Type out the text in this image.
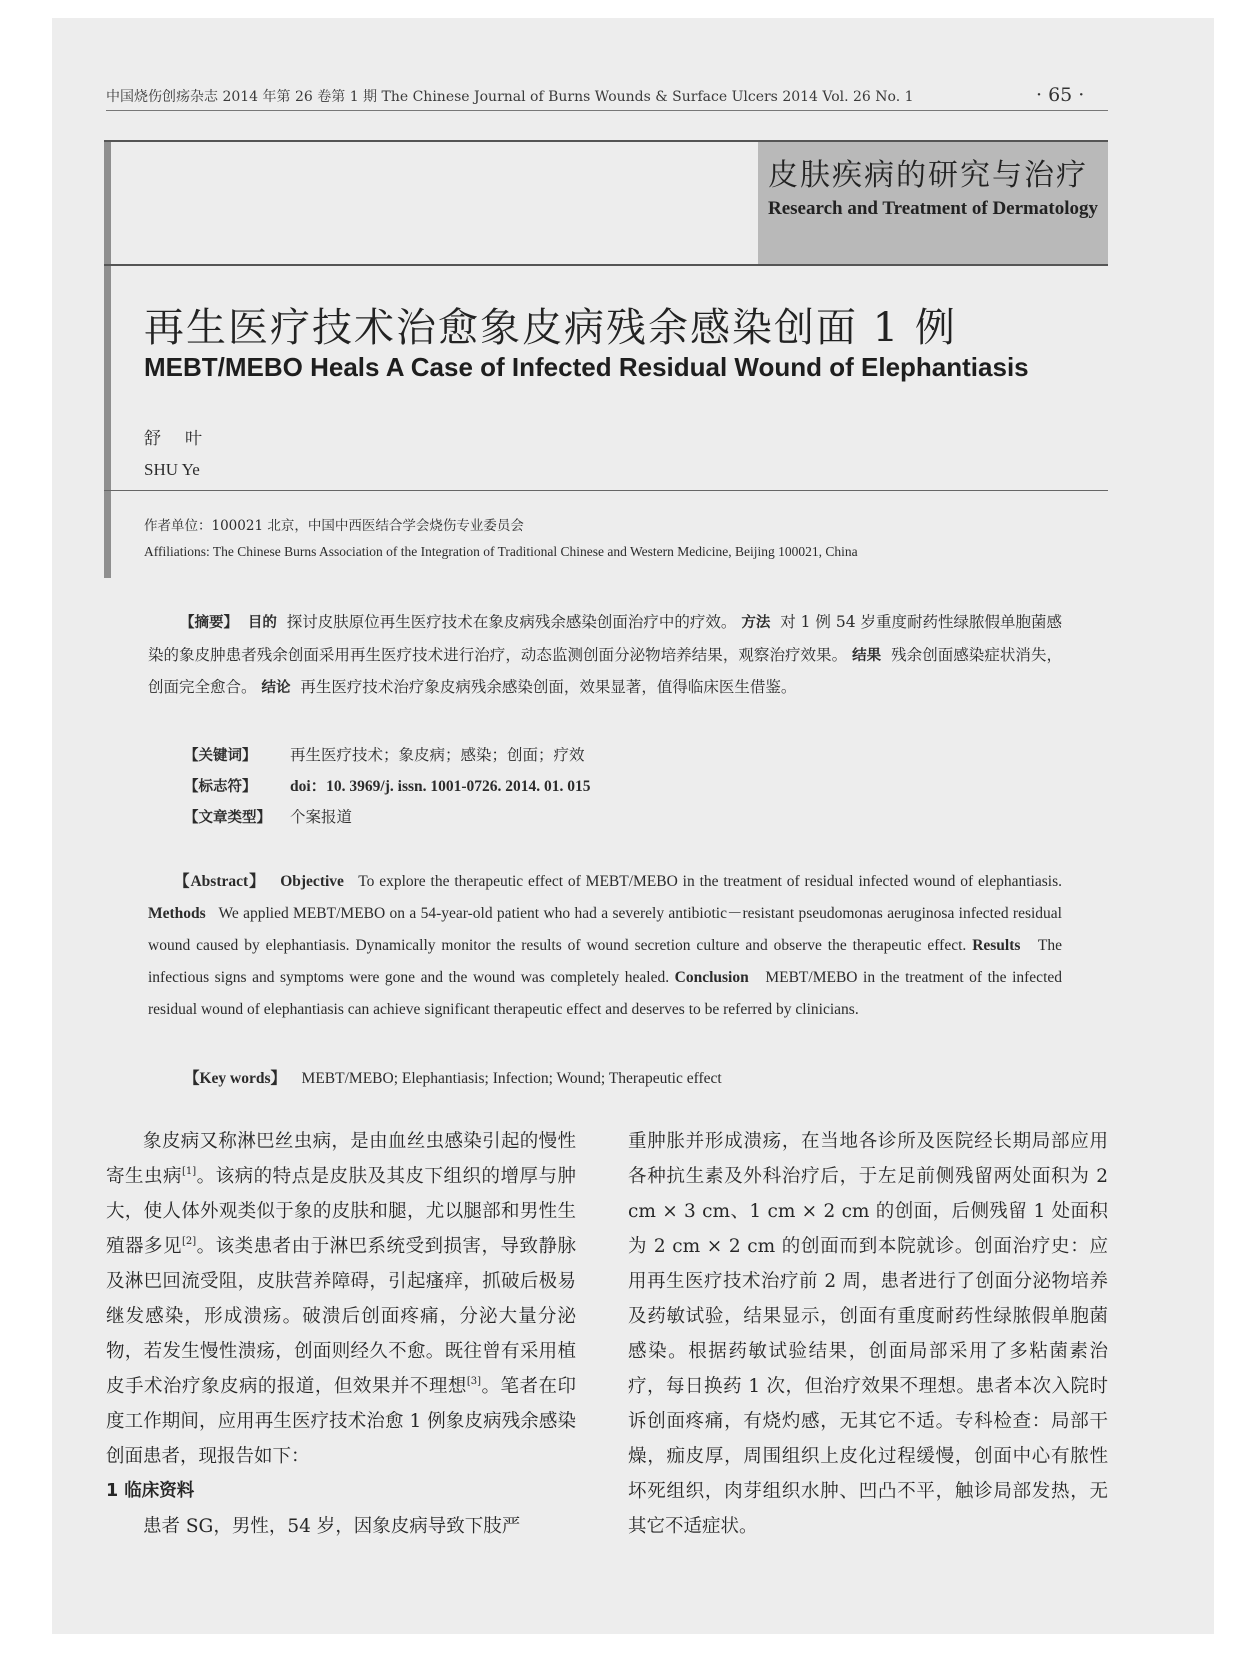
中国烧伤创疡杂志 2014 年第 26 卷第 1 期 The Chinese Journal of Burns Wounds & Surface Ulcers 2014 Vol. 26 No. 1	· 65 ·
皮肤疾病的研究与治疗
Research and Treatment of Dermatology
再生医疗技术治愈象皮病残余感染创面 1 例
MEBT/MEBO Heals A Case of Infected Residual Wound of Elephantiasis
舒叶
SHU Ye
作者单位：100021 北京，中国中西医结合学会烧伤专业委员会
Affiliations: The Chinese Burns Association of the Integration of Traditional Chinese and Western Medicine, Beijing 100021, China
【摘要】 目的 探讨皮肤原位再生医疗技术在象皮病残余感染创面治疗中的疗效。 方法 对 1 例 54 岁重度耐药性绿脓假单胞菌感染的象皮肿患者残余创面采用再生医疗技术进行治疗，动态监测创面分泌物培养结果，观察治疗效果。 结果 残余创面感染症状消失，创面完全愈合。 结论 再生医疗技术治疗象皮病残余感染创面，效果显著，值得临床医生借鉴。
【关键词】 再生医疗技术；象皮病；感染；创面；疗效
【标志符】 doi：10. 3969/j. issn. 1001-0726. 2014. 01. 015
【文章类型】 个案报道
【Abstract】 Objective To explore the therapeutic effect of MEBT/MEBO in the treatment of residual infected wound of elephantiasis. Methods We applied MEBT/MEBO on a 54-year-old patient who had a severely antibiotic－resistant pseudomonas aeruginosa infected residual wound caused by elephantiasis. Dynamically monitor the results of wound secretion culture and observe the therapeutic effect. Results The infectious signs and symptoms were gone and the wound was completely healed. Conclusion MEBT/MEBO in the treatment of the infected residual wound of elephantiasis can achieve significant therapeutic effect and deserves to be referred by clinicians.
【Key words】 MEBT/MEBO; Elephantiasis; Infection; Wound; Therapeutic effect

象皮病又称淋巴丝虫病，是由血丝虫感染引起的慢性寄生虫病[1]。该病的特点是皮肤及其皮下组织的增厚与肿大，使人体外观类似于象的皮肤和腿，尤以腿部和男性生殖器多见[2]。该类患者由于淋巴系统受到损害，导致静脉及淋巴回流受阻，皮肤营养障碍，引起瘙痒，抓破后极易继发感染，形成溃疡。破溃后创面疼痛，分泌大量分泌物，若发生慢性溃疡，创面则经久不愈。既往曾有采用植皮手术治疗象皮病的报道，但效果并不理想[3]。笔者在印度工作期间，应用再生医疗技术治愈 1 例象皮病残余感染创面患者，现报告如下：

1 临床资料

患者 SG，男性，54 岁，因象皮病导致下肢严

重肿胀并形成溃疡，在当地各诊所及医院经长期局部应用各种抗生素及外科治疗后，于左足前侧残留两处面积为 2 cm × 3 cm、1 cm × 2 cm 的创面，后侧残留 1 处面积为 2 cm × 2 cm 的创面而到本院就诊。创面治疗史：应用再生医疗技术治疗前 2 周，患者进行了创面分泌物培养及药敏试验，结果显示，创面有重度耐药性绿脓假单胞菌感染。根据药敏试验结果，创面局部采用了多粘菌素治疗，每日换药 1 次，但治疗效果不理想。患者本次入院时诉创面疼痛，有烧灼感，无其它不适。专科检查：局部干燥，痂皮厚，周围组织上皮化过程缓慢，创面中心有脓性坏死组织，肉芽组织水肿、凹凸不平，触诊局部发热，无其它不适症状。
